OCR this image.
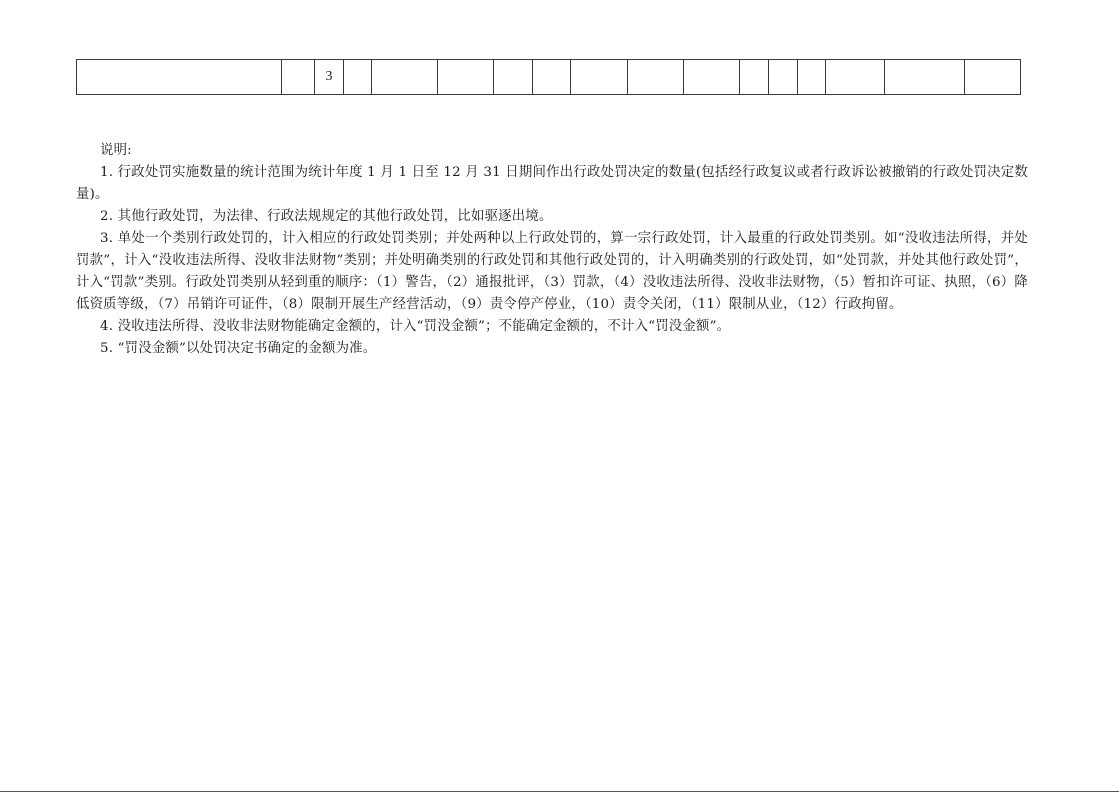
		3														
说明:

1. 行政处罚实施数量的统计范围为统计年度 1 月 1 日至 12 月 31 日期间作出行政处罚决定的数量(包括经行政复议或者行政诉讼被撤销的行政处罚决定数量)。

2. 其他行政处罚，为法律、行政法规规定的其他行政处罚，比如驱逐出境。

3. 单处一个类别行政处罚的，计入相应的行政处罚类别；并处两种以上行政处罚的，算一宗行政处罚，计入最重的行政处罚类别。如“没收违法所得，并处罚款”，计入“没收违法所得、没收非法财物”类别；并处明确类别的行政处罚和其他行政处罚的，计入明确类别的行政处罚，如“处罚款，并处其他行政处罚”，计入“罚款”类别。行政处罚类别从轻到重的顺序：（1）警告，（2）通报批评，（3）罚款，（4）没收违法所得、没收非法财物，（5）暂扣许可证、执照，（6）降低资质等级，（7）吊销许可证件，（8）限制开展生产经营活动，（9）责令停产停业，（10）责令关闭，（11）限制从业，（12）行政拘留。

4. 没收违法所得、没收非法财物能确定金额的，计入“罚没金额”；不能确定金额的，不计入“罚没金额”。

5. “罚没金额”以处罚决定书确定的金额为准。
